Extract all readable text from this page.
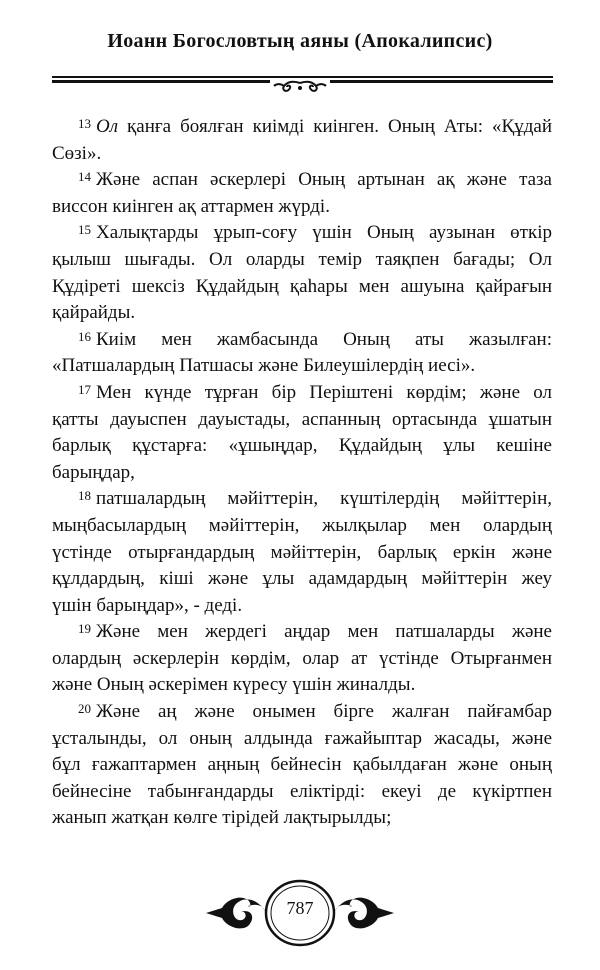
Иоанн Богословтың аяны (Апокалипсис)
$^{13}$ Ол қанға боялған киімді киінген. Оның Аты: «Құдай
Сөзі».
$^{14}$ Және аспан әскерлері Оның артынан ақ және таза
виссон киінген ақ аттармен жүрді.
$^{15}$ Халықтарды ұрып-соғу үшін Оның аузынан өткір
қылыш шығады. Ол оларды темір таяқпен бағады; Ол
Құдіреті шексіз Құдайдың қаһары мен ашуына қайрағын
қайрайды.
$^{16}$ Киім мен жамбасында Оның аты жазылған:
«Патшалардың Патшасы және Билеушілердің иесі».
$^{17}$ Мен күнде тұрған бір Періштені көрдім; және ол
қатты дауыспен дауыстады, аспанның ортасында ұшатын
барлық құстарға: «ұшыңдар, Құдайдың ұлы кешіне
барыңдар,
$^{18}$ патшалардың мәйіттерін, күштілердің мәйіттерін,
мыңбасылардың мәйіттерін, жылқылар мен олардың
үстінде отырғандардың мәйіттерін, барлық еркін және
құлдардың, кіші және ұлы адамдардың мәйіттерін жеу
үшін барыңдар», - деді.
$^{19}$ Және мен жердегі аңдар мен патшаларды және
олардың әскерлерін көрдім, олар ат үстінде Отырғанмен
және Оның әскерімен күресу үшін жиналды.
$^{20}$ Және аң және онымен бірге жалған пайғамбар
ұсталынды, ол оның алдында ғажайыптар жасады, және
бұл ғажаптармен аңның бейнесін қабылдаған және оның
бейнесіне табынғандарды еліктірді: екеуі де күкіртпен
жанып жатқан көлге тірідей лақтырылды;
787
